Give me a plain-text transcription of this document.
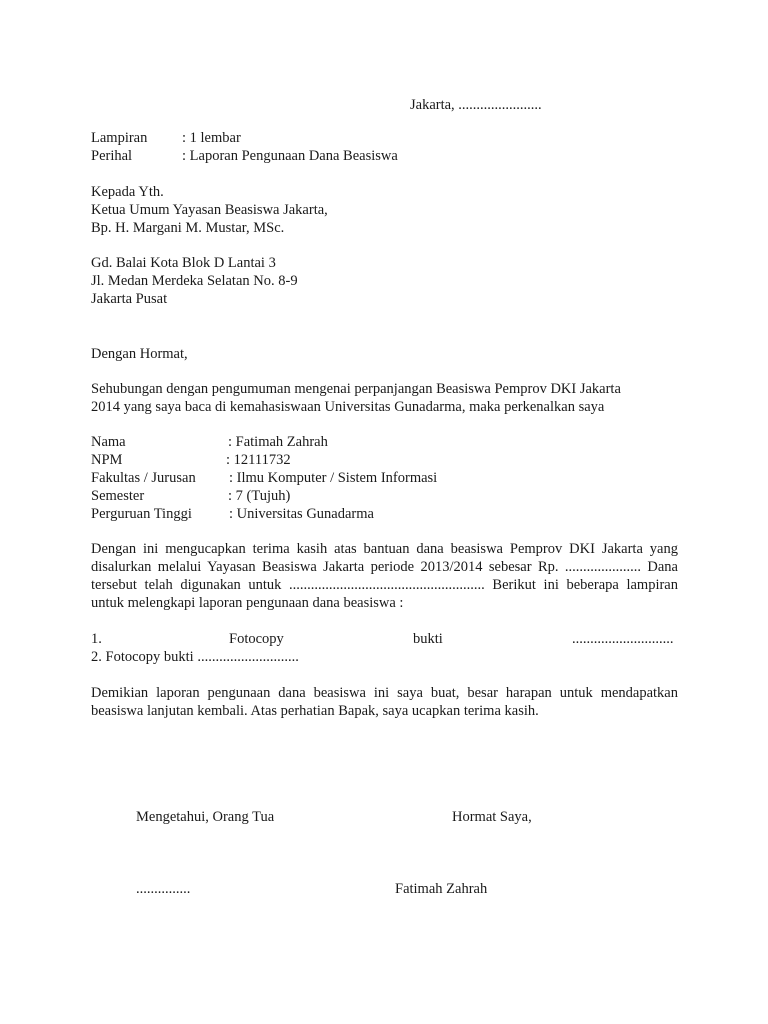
Jakarta, .......................
Lampiran : 1 lembar
Perihal	: Laporan Pengunaan Dana Beasiswa
Kepada Yth.
Ketua Umum Yayasan Beasiswa Jakarta,
Bp. H. Margani M. Mustar, MSc.
Gd. Balai Kota Blok D Lantai 3
Jl. Medan Merdeka Selatan No. 8-9
Jakarta Pusat
Dengan Hormat,
Sehubungan dengan pengumuman mengenai perpanjangan Beasiswa Pemprov DKI Jakarta
2014 yang saya baca di kemahasiswaan Universitas Gunadarma, maka perkenalkan saya
Nama	: Fatimah Zahrah
NPM	: 12111732
Fakultas / Jurusan : Ilmu Komputer / Sistem Informasi
Semester	: 7 (Tujuh)
Perguruan Tinggi	: Universitas Gunadarma
Dengan ini mengucapkan terima kasih atas bantuan dana beasiswa Pemprov DKI Jakarta yang
disalurkan melalui Yayasan Beasiswa Jakarta periode 2013/2014 sebesar Rp. ..................... Dana
tersebut telah digunakan untuk ...................................................... Berikut ini beberapa lampiran
untuk melengkapi laporan pengunaan dana beasiswa :
1.	Fotocopy	bukti	............................
2. Fotocopy bukti ............................
Demikian laporan pengunaan dana beasiswa ini saya buat, besar harapan untuk mendapatkan
beasiswa lanjutan kembali. Atas perhatian Bapak, saya ucapkan terima kasih.
Mengetahui, Orang Tua	Hormat Saya,
...............	Fatimah Zahrah
